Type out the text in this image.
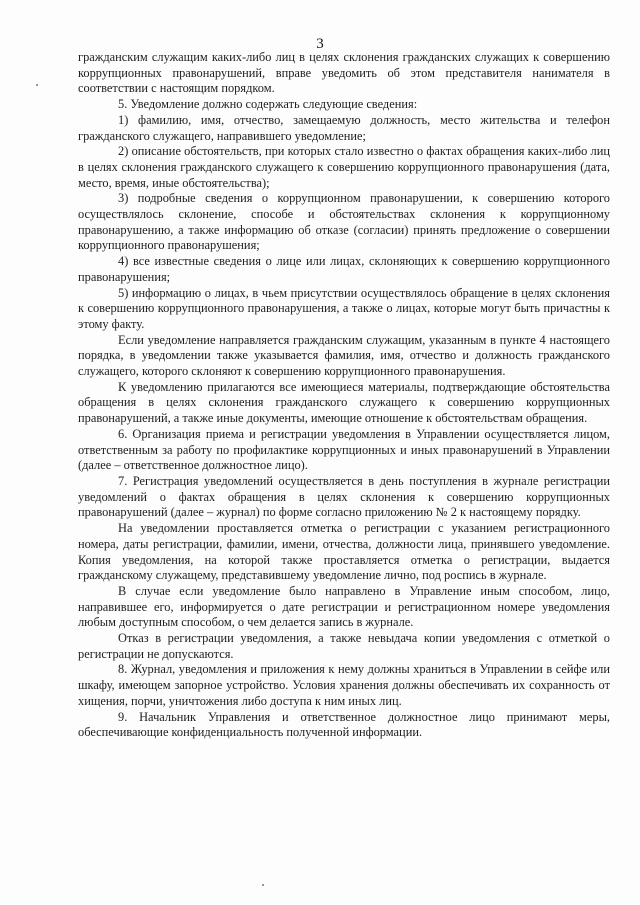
3

гражданским служащим каких-либо лиц в целях склонения гражданских служащих к совершению коррупционных правонарушений, вправе уведомить об этом представителя нанимателя в соответствии с настоящим порядком.

5. Уведомление должно содержать следующие сведения:

1) фамилию, имя, отчество, замещаемую должность, место жительства и телефон гражданского служащего, направившего уведомление;

2) описание обстоятельств, при которых стало известно о фактах обращения каких-либо лиц в целях склонения гражданского служащего к совершению коррупционного правонарушения (дата, место, время, иные обстоятельства);

3) подробные сведения о коррупционном правонарушении, к совершению которого осуществлялось склонение, способе и обстоятельствах склонения к коррупционному правонарушению, а также информацию об отказе (согласии) принять предложение о совершении коррупционного правонарушения;

4) все известные сведения о лице или лицах, склоняющих к совершению коррупционного правонарушения;

5) информацию о лицах, в чьем присутствии осуществлялось обращение в целях склонения к совершению коррупционного правонарушения, а также о лицах, которые могут быть причастны к этому факту.

Если уведомление направляется гражданским служащим, указанным в пункте 4 настоящего порядка, в уведомлении также указывается фамилия, имя, отчество и должность гражданского служащего, которого склоняют к совершению коррупционного правонарушения.

К уведомлению прилагаются все имеющиеся материалы, подтверждающие обстоятельства обращения в целях склонения гражданского служащего к совершению коррупционных правонарушений, а также иные документы, имеющие отношение к обстоятельствам обращения.

6. Организация приема и регистрации уведомления в Управлении осуществляется лицом, ответственным за работу по профилактике коррупционных и иных правонарушений в Управлении (далее – ответственное должностное лицо).

7. Регистрация уведомлений осуществляется в день поступления в журнале регистрации уведомлений о фактах обращения в целях склонения к совершению коррупционных правонарушений (далее – журнал) по форме согласно приложению № 2 к настоящему порядку.

На уведомлении проставляется отметка о регистрации с указанием регистрационного номера, даты регистрации, фамилии, имени, отчества, должности лица, принявшего уведомление. Копия уведомления, на которой также проставляется отметка о регистрации, выдается гражданскому служащему, представившему уведомление лично, под роспись в журнале.

В случае если уведомление было направлено в Управление иным способом, лицо, направившее его, информируется о дате регистрации и регистрационном номере уведомления любым доступным способом, о чем делается запись в журнале.

Отказ в регистрации уведомления, а также невыдача копии уведомления с отметкой о регистрации не допускаются.

8. Журнал, уведомления и приложения к нему должны храниться в Управлении в сейфе или шкафу, имеющем запорное устройство. Условия хранения должны обеспечивать их сохранность от хищения, порчи, уничтожения либо доступа к ним иных лиц.

9. Начальник Управления и ответственное должностное лицо принимают меры, обеспечивающие конфиденциальность полученной информации.
